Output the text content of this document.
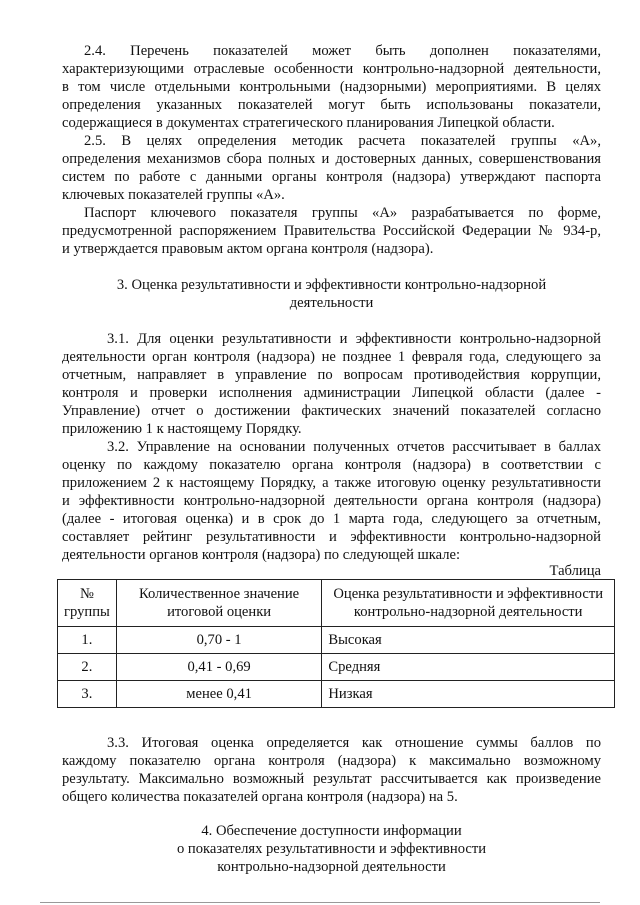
2.4. Перечень показателей может быть дополнен показателями,
характеризующими отраслевые особенности контрольно-надзорной деятельности,
в том числе отдельными контрольными (надзорными) мероприятиями. В целях
определения указанных показателей могут быть использованы показатели,
содержащиеся в документах стратегического планирования Липецкой области.
2.5. В целях определения методик расчета показателей группы «А»,
определения механизмов сбора полных и достоверных данных, совершенствования
систем по работе с данными органы контроля (надзора) утверждают паспорта
ключевых показателей группы «А».
Паспорт ключевого показателя группы «А» разрабатывается по форме,
предусмотренной распоряжением Правительства Российской Федерации № 934-р,
и утверждается правовым актом органа контроля (надзора).
3. Оценка результативности и эффективности контрольно-надзорной
деятельности
3.1. Для оценки результативности и эффективности контрольно-надзорной
деятельности орган контроля (надзора) не позднее 1 февраля года, следующего за
отчетным, направляет в управление по вопросам противодействия коррупции,
контроля и проверки исполнения администрации Липецкой области (далее -
Управление) отчет о достижении фактических значений показателей согласно
приложению 1 к настоящему Порядку.
3.2. Управление на основании полученных отчетов рассчитывает в баллах
оценку по каждому показателю органа контроля (надзора) в соответствии с
приложением 2 к настоящему Порядку, а также итоговую оценку результативности
и эффективности контрольно-надзорной деятельности органа контроля (надзора)
(далее - итоговая оценка) и в срок до 1 марта года, следующего за отчетным,
составляет рейтинг результативности и эффективности контрольно-надзорной
деятельности органов контроля (надзора) по следующей шкале:
Таблица
№ группы	Количественное значение итоговой оценки	Оценка результативности и эффективности контрольно-надзорной деятельности
1.	0,70 - 1	Высокая
2.	0,41 - 0,69	Средняя
3.	менее 0,41	Низкая
3.3. Итоговая оценка определяется как отношение суммы баллов по
каждому показателю органа контроля (надзора) к максимально возможному
результату. Максимально возможный результат рассчитывается как произведение
общего количества показателей органа контроля (надзора) на 5.
4. Обеспечение доступности информации
о показателях результативности и эффективности
контрольно-надзорной деятельности
